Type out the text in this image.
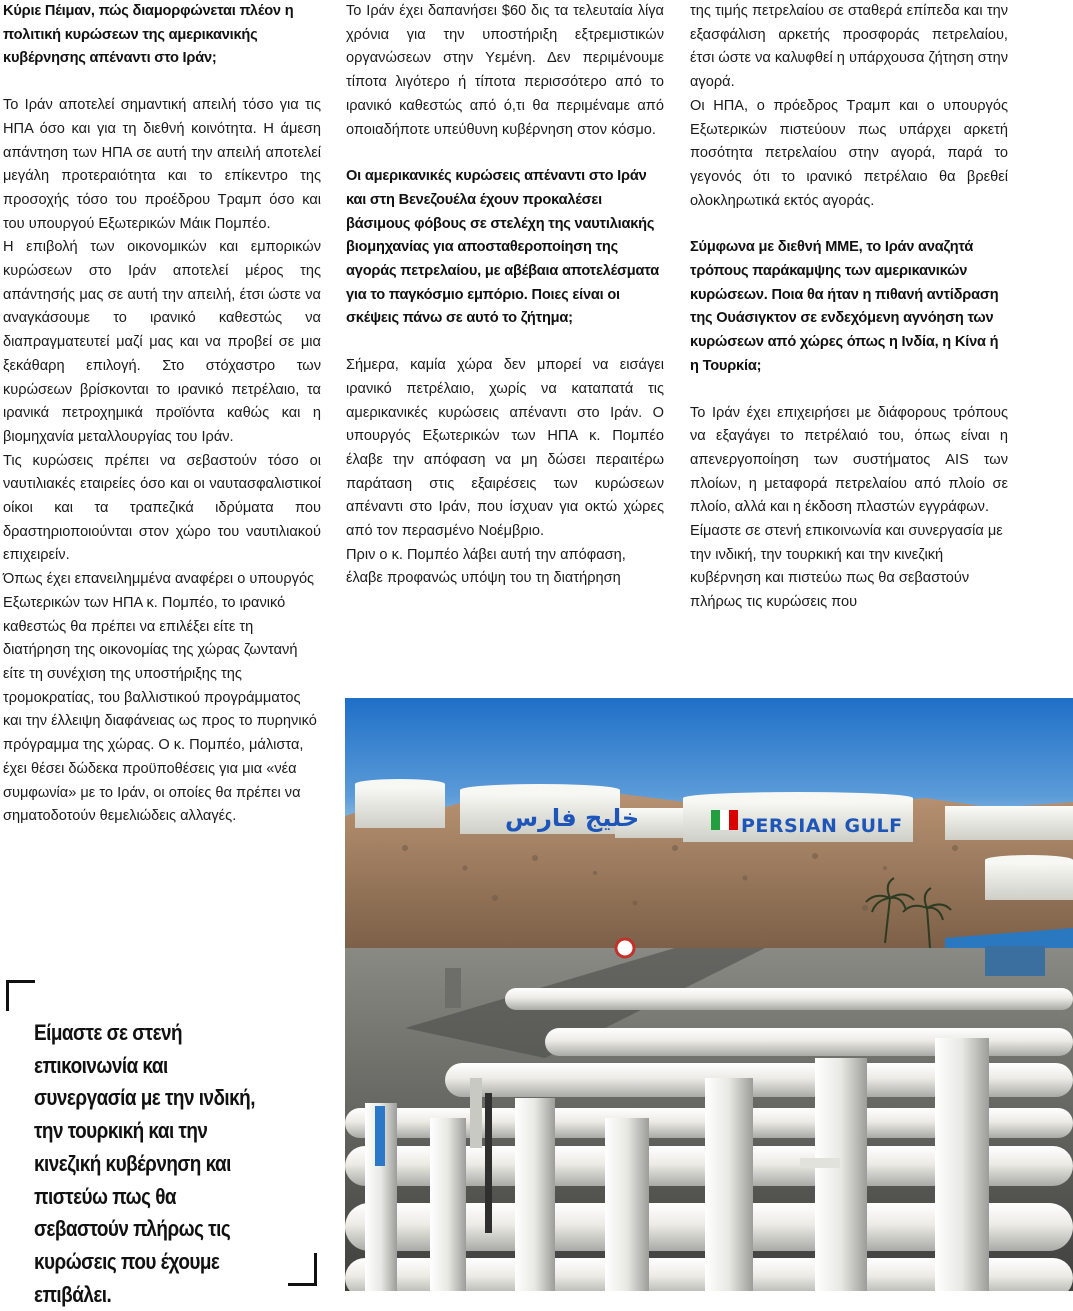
Κύριε Πέιμαν, πώς διαμορφώνεται πλέον η πολιτική κυρώσεων της αμερικανικής κυβέρνησης απέναντι στο Ιράν;

Το Ιράν αποτελεί σημαντική απειλή τόσο για τις ΗΠΑ όσο και για τη διεθνή κοινότητα. Η άμεση απάντηση των ΗΠΑ σε αυτή την απειλή αποτελεί μεγάλη προτεραιότητα και το επίκεντρο της προσοχής τόσο του προέδρου Τραμπ όσο και του υπουργού Εξωτερικών Μάικ Πομπέο.

Η επιβολή των οικονομικών και εμπορικών κυρώσεων στο Ιράν αποτελεί μέρος της απάντησής μας σε αυτή την απειλή, έτσι ώστε να αναγκάσουμε το ιρανικό καθεστώς να διαπραγματευτεί μαζί μας και να προβεί σε μια ξεκάθαρη επιλογή. Στο στόχαστρο των κυρώσεων βρίσκονται το ιρανικό πετρέλαιο, τα ιρανικά πετροχημικά προϊόντα καθώς και η βιομηχανία μεταλλουργίας του Ιράν.

Τις κυρώσεις πρέπει να σεβαστούν τόσο οι ναυτιλιακές εταιρείες όσο και οι ναυτασφαλιστικοί οίκοι και τα τραπεζικά ιδρύματα που δραστηριοποιούνται στον χώρο του ναυτιλιακού επιχειρείν.

Όπως έχει επανειλημμένα αναφέρει ο υπουργός Εξωτερικών των ΗΠΑ κ. Πομπέο, το ιρανικό καθεστώς θα πρέπει να επιλέξει είτε τη διατήρηση της οικονομίας της χώρας ζωντανή είτε τη συνέχιση της υποστήριξης της τρομοκρατίας, του βαλλιστικού προγράμματος και την έλλειψη διαφάνειας ως προς το πυρηνικό πρόγραμμα της χώρας. Ο κ. Πομπέο, μάλιστα, έχει θέσει δώδεκα προϋποθέσεις για μια «νέα συμφωνία» με το Ιράν, οι οποίες θα πρέπει να σηματοδοτούν θεμελιώδεις αλλαγές.

Το Ιράν έχει δαπανήσει $60 δις τα τελευταία λίγα χρόνια για την υποστήριξη εξτρεμιστικών οργανώσεων στην Υεμένη. Δεν περιμένουμε τίποτα λιγότερο ή τίποτα περισσότερο από το ιρανικό καθεστώς από ό,τι θα περιμέναμε από οποιαδήποτε υπεύθυνη κυβέρνηση στον κόσμο.

Οι αμερικανικές κυρώσεις απέναντι στο Ιράν και στη Βενεζουέλα έχουν προκαλέσει βάσιμους φόβους σε στελέχη της ναυτιλιακής βιομηχανίας για αποσταθεροποίηση της αγοράς πετρελαίου, με αβέβαια αποτελέσματα για το παγκόσμιο εμπόριο. Ποιες είναι οι σκέψεις πάνω σε αυτό το ζήτημα;

Σήμερα, καμία χώρα δεν μπορεί να εισάγει ιρανικό πετρέλαιο, χωρίς να καταπατά τις αμερικανικές κυρώσεις απέναντι στο Ιράν. Ο υπουργός Εξωτερικών των ΗΠΑ κ. Πομπέο έλαβε την απόφαση να μη δώσει περαιτέρω παράταση στις εξαιρέσεις των κυρώσεων απέναντι στο Ιράν, που ίσχυαν για οκτώ χώρες από τον περασμένο Νοέμβριο.

Πριν ο κ. Πομπέο λάβει αυτή την απόφαση, έλαβε προφανώς υπόψη του τη διατήρηση

της τιμής πετρελαίου σε σταθερά επίπεδα και την εξασφάλιση αρκετής προσφοράς πετρελαίου, έτσι ώστε να καλυφθεί η υπάρχουσα ζήτηση στην αγορά.

Οι ΗΠΑ, ο πρόεδρος Τραμπ και ο υπουργός Εξωτερικών πιστεύουν πως υπάρχει αρκετή ποσότητα πετρελαίου στην αγορά, παρά το γεγονός ότι το ιρανικό πετρέλαιο θα βρεθεί ολοκληρωτικά εκτός αγοράς.

Σύμφωνα με διεθνή ΜΜΕ, το Ιράν αναζητά τρόπους παράκαμψης των αμερικανικών κυρώσεων. Ποια θα ήταν η πιθανή αντίδραση της Ουάσιγκτον σε ενδεχόμενη αγνόηση των κυρώσεων από χώρες όπως η Ινδία, η Κίνα ή η Τουρκία;

Το Ιράν έχει επιχειρήσει με διάφορους τρόπους να εξαγάγει το πετρέλαιό του, όπως είναι η απενεργοποίηση των συστήματος AIS των πλοίων, η μεταφορά πετρελαίου από πλοίο σε πλοίο, αλλά και η έκδοση πλαστών εγγράφων.

Είμαστε σε στενή επικοινωνία και συνεργασία με την ινδική, την τουρκική και την κινεζική κυβέρνηση και πιστεύω πως θα σεβαστούν πλήρως τις κυρώσεις που

خلیج فارس	PERSIAN GULF
Είμαστε σε στενή επικοινωνία και συνεργασία με την ινδική, την τουρκική και την κινεζική κυβέρνηση και πιστεύω πως θα σεβαστούν πλήρως τις κυρώσεις που έχουμε επιβάλει.
